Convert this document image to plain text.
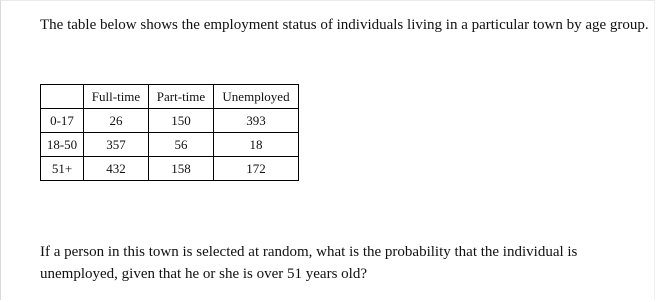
The table below shows the employment status of individuals living in a particular town by age group.
	Full-time	Part-time	Unemployed
0-17	26	150	393
18-50	357	56	18
51+	432	158	172
If a person in this town is selected at random, what is the probability that the individual is unemployed, given that he or she is over 51 years old?
